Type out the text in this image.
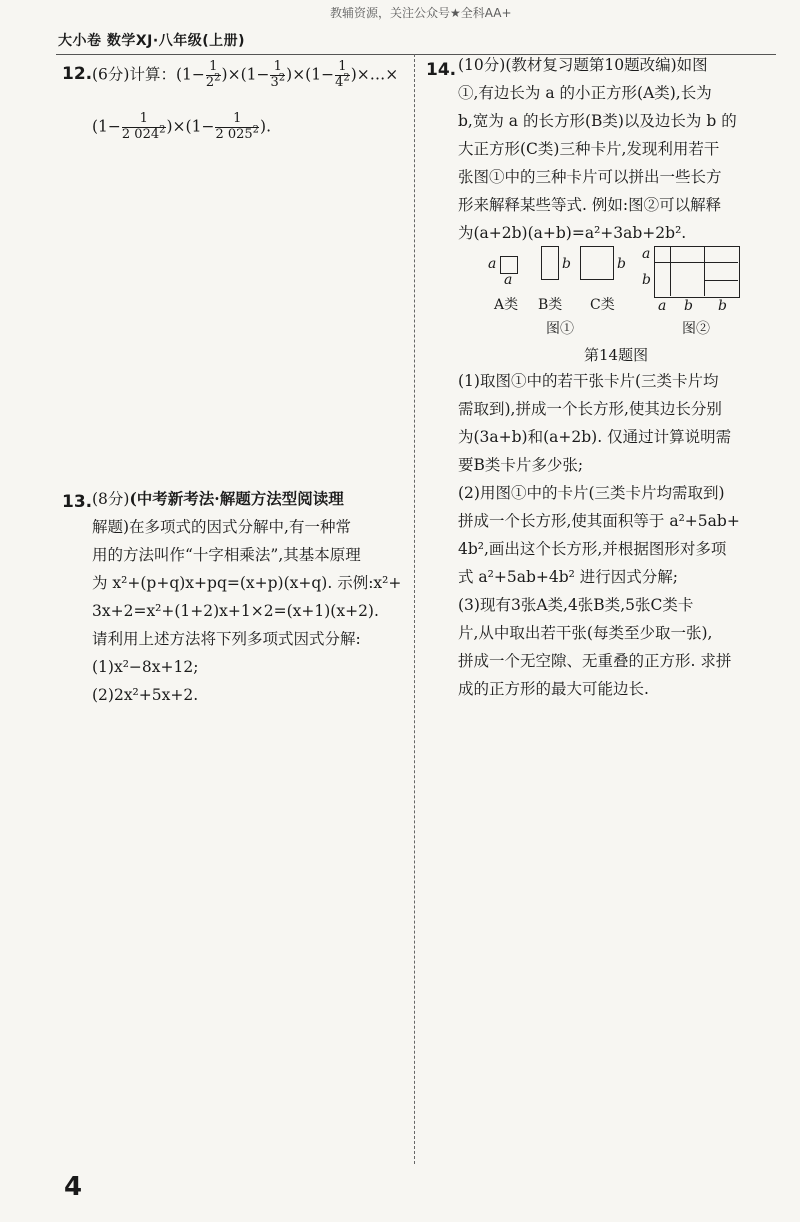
教辅资源，关注公众号★全科AA+
大小卷 数学XJ·八年级(上册)
12. (6分)计算：$(1- \frac{1}{2^2} )\times(1- \frac{1}{3^2} )\times(1- \frac{1}{4^2}$ )×…×
$(1- \frac{1}{2 024^2} )\times(1- \frac{1}{2 025^2}$ ).
13. (8分)(中考新考法·解题方法型阅读理
解题)在多项式的因式分解中,有一种常
用的方法叫作“十字相乘法”,其基本原理
为 x²+(p+q)x+pq=(x+p)(x+q). 示例:x²+
3x+2=x²+(1+2)x+1×2=(x+1)(x+2).
请利用上述方法将下列多项式因式分解:
(1)x²−8x+12;
(2)2x²+5x+2.
14. (10分)(教材复习题第10题改编)如图
①,有边长为 a 的小正方形(A类),长为
b,宽为 a 的长方形(B类)以及边长为 b 的
大正方形(C类)三种卡片,发现利用若干
张图①中的三种卡片可以拼出一些长方
形来解释某些等式. 例如:图②可以解释
为(a+2b)(a+b)=a²+3ab+2b².
a
a
A类
b
B类
b
C类
图①
a
b
a b b
图②
第14题图
(1)取图①中的若干张卡片(三类卡片均
需取到),拼成一个长方形,使其边长分别
为(3a+b)和(a+2b). 仅通过计算说明需
要B类卡片多少张;
(2)用图①中的卡片(三类卡片均需取到)
拼成一个长方形,使其面积等于 a²+5ab+
4b²,画出这个长方形,并根据图形对多项
式 a²+5ab+4b² 进行因式分解;
(3)现有3张A类,4张B类,5张C类卡
片,从中取出若干张(每类至少取一张),
拼成一个无空隙、无重叠的正方形. 求拼
成的正方形的最大可能边长.
4
